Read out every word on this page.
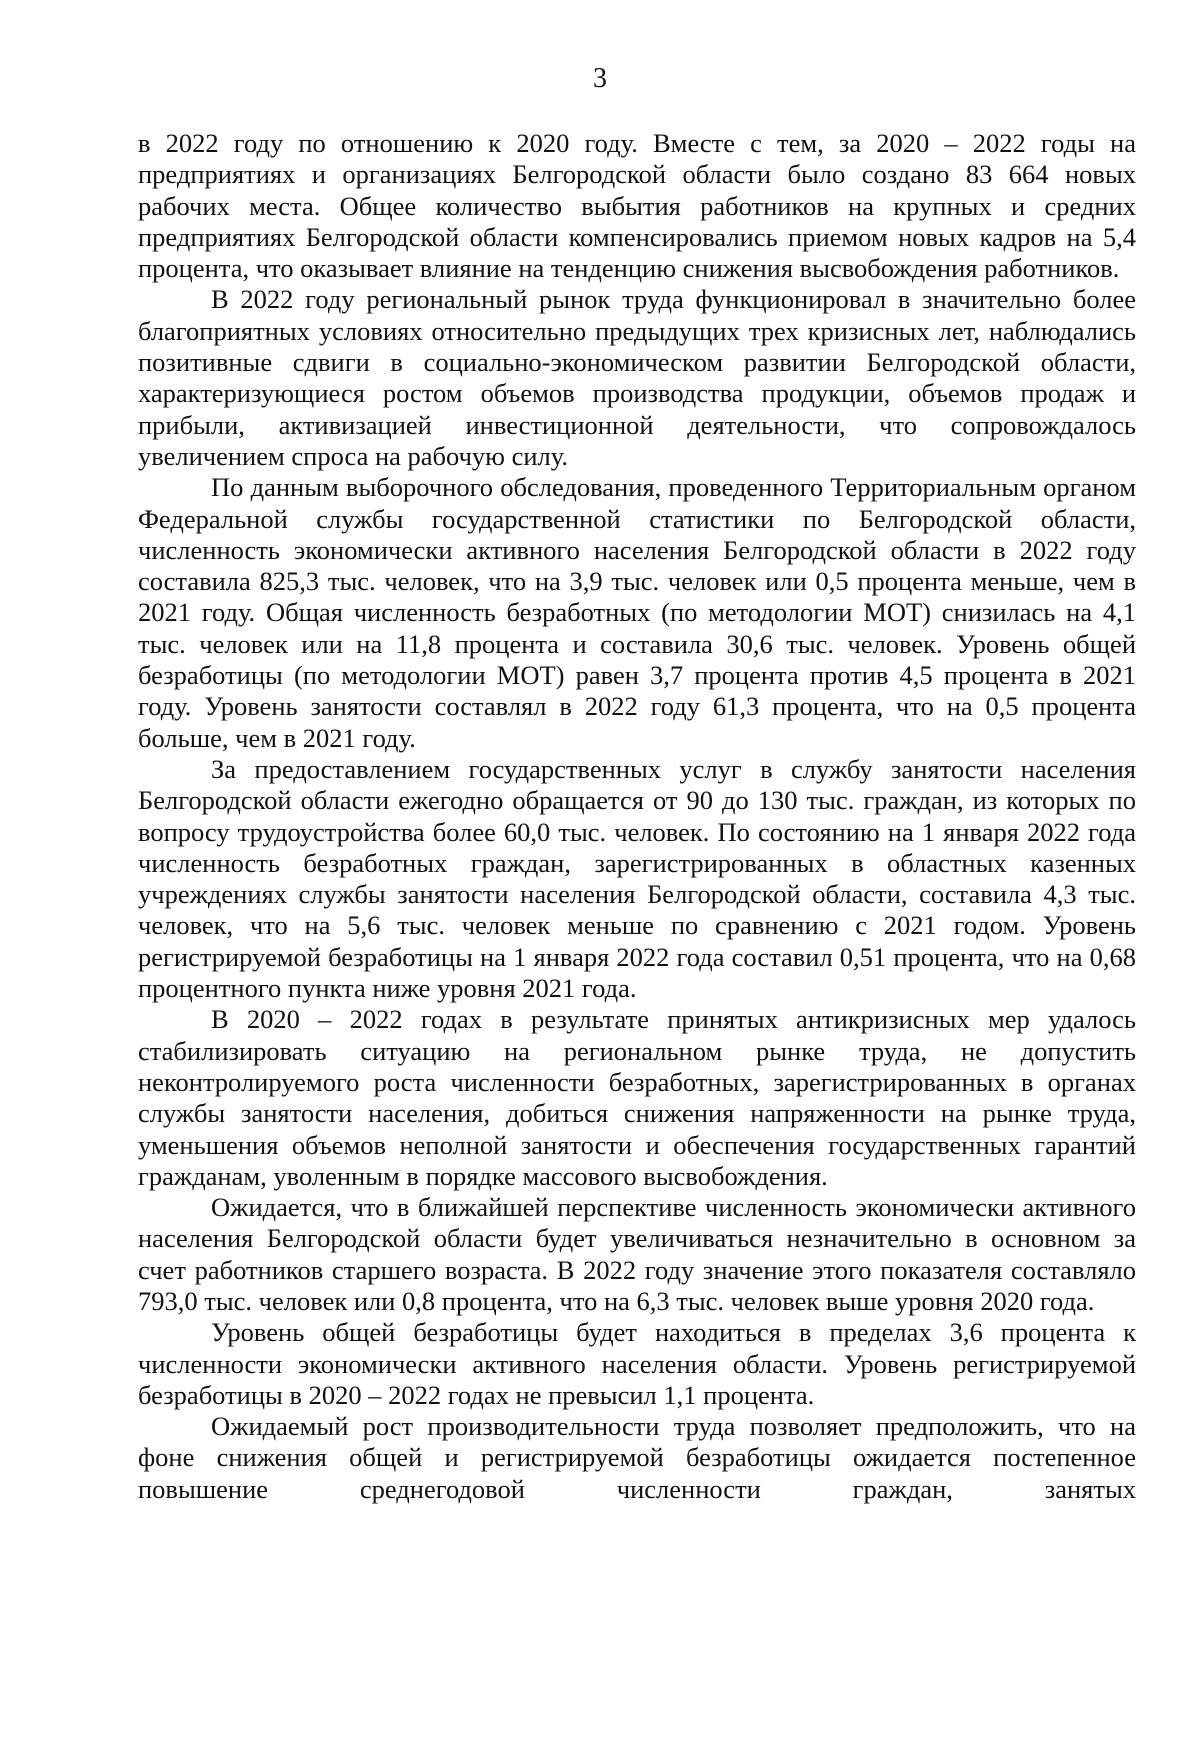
3

в 2022 году по отношению к 2020 году. Вместе с тем, за 2020 – 2022 годы на предприятиях и организациях Белгородской области было создано 83 664 новых рабочих места. Общее количество выбытия работников на крупных и средних предприятиях Белгородской области компенсировались приемом новых кадров на 5,4 процента, что оказывает влияние на тенденцию снижения высвобождения работников.

В 2022 году региональный рынок труда функционировал в значительно более благоприятных условиях относительно предыдущих трех кризисных лет, наблюдались позитивные сдвиги в социально-экономическом развитии Белгородской области, характеризующиеся ростом объемов производства продукции, объемов продаж и прибыли, активизацией инвестиционной деятельности, что сопровождалось увеличением спроса на рабочую силу.

По данным выборочного обследования, проведенного Территориальным органом Федеральной службы государственной статистики по Белгородской области, численность экономически активного населения Белгородской области в 2022 году составила 825,3 тыс. человек, что на 3,9 тыс. человек или 0,5 процента меньше, чем в 2021 году. Общая численность безработных (по методологии МОТ) снизилась на 4,1 тыс. человек или на 11,8 процента и составила 30,6 тыс. человек. Уровень общей безработицы (по методологии МОТ) равен 3,7 процента против 4,5 процента в 2021 году. Уровень занятости составлял в 2022 году 61,3 процента, что на 0,5 процента больше, чем в 2021 году.

За предоставлением государственных услуг в службу занятости населения Белгородской области ежегодно обращается от 90 до 130 тыс. граждан, из которых по вопросу трудоустройства более 60,0 тыс. человек. По состоянию на 1 января 2022 года численность безработных граждан, зарегистрированных в областных казенных учреждениях службы занятости населения Белгородской области, составила 4,3 тыс. человек, что на 5,6 тыс. человек меньше по сравнению с 2021 годом. Уровень регистрируемой безработицы на 1 января 2022 года составил 0,51 процента, что на 0,68 процентного пункта ниже уровня 2021 года.

В 2020 – 2022 годах в результате принятых антикризисных мер удалось стабилизировать ситуацию на региональном рынке труда, не допустить неконтролируемого роста численности безработных, зарегистрированных в органах службы занятости населения, добиться снижения напряженности на рынке труда, уменьшения объемов неполной занятости и обеспечения государственных гарантий гражданам, уволенным в порядке массового высвобождения.

Ожидается, что в ближайшей перспективе численность экономически активного населения Белгородской области будет увеличиваться незначительно в основном за счет работников старшего возраста. В 2022 году значение этого показателя составляло 793,0 тыс. человек или 0,8 процента, что на 6,3 тыс. человек выше уровня 2020 года.

Уровень общей безработицы будет находиться в пределах 3,6 процента к численности экономически активного населения области. Уровень регистрируемой безработицы в 2020 – 2022 годах не превысил 1,1 процента.

Ожидаемый рост производительности труда позволяет предположить, что на фоне снижения общей и регистрируемой безработицы ожидается постепенное повышение среднегодовой численности граждан, занятых
